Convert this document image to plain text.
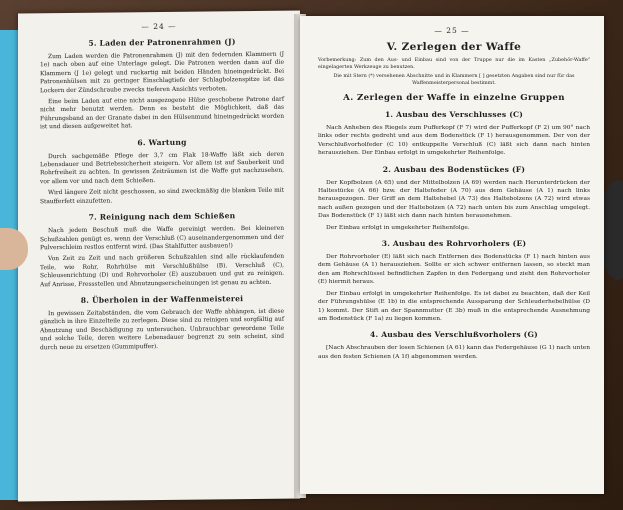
— 24 —
5. Laden der Patronenrahmen (J)

Zum Laden werden die Patronenrahmen (J) mit den federnden Klammern (J 1e) nach oben auf eine Unterlage gelegt. Die Patronen werden dann auf die Klammern (J 1e) gelegt und ruckartig mit beiden Händen hineingedrückt. Bei Patronenhülsen mit zu geringer Einschlagtiefe der Schlagbolzenspitze ist das Lockern der Zündschraube zwecks tieferen Ansichts verboten.

Eine beim Laden auf eine nicht ausgezogene Hülse geschobene Patrone darf nicht mehr benutzt werden. Denn es besteht die Möglichkeit, daß das Führungsband an der Granate dabei in den Hülsenmund hineingedrückt worden ist und diesen aufgeweitet hat.

6. Wartung

Durch sachgemäße Pflege der 3,7 cm Flak 18-Waffe läßt sich deren Lebensdauer und Betriebssicherheit steigern. Vor allem ist auf Sauberkeit und Rohrfreiheit zu achten. In gewissen Zeiträumen ist die Waffe gut nachzusehen, vor allem vor und nach dem Schießen.

Wird längere Zeit nicht geschossen, so sind zweckmäßig die blanken Teile mit Staufferfett einzufetten.

7. Reinigung nach dem Schießen

Nach jedem Beschuß muß die Waffe gereinigt werden. Bei kleineren Schußzahlen genügt es, wenn der Verschluß (C) auseinandergenommen und der Pulverschleim restlos entfernt wird. (Das Stahlfutter ausbauen!)

Von Zeit zu Zeit und nach größeren Schußzahlen sind alle rücklaufenden Teile, wie Rohr, Rohrhülse mit Verschlußhülse (B), Verschluß (C), Schleusenrichtung (D) und Rohrvorholer (E) auszubauen und gut zu reinigen. Auf Anrisse, Fressstellen und Abnutzungserscheinungen ist genau zu achten.

8. Überholen in der Waffenmeisterei

In gewissen Zeitabständen, die vom Gebrauch der Waffe abhängen, ist diese gänzlich in ihre Einzelteile zu zerlegen. Diese sind zu reinigen und sorgfältig auf Abnutzung und Beschädigung zu untersuchen. Unbrauchbar gewordene Teile und solche Teile, deren weitere Lebensdauer begrenzt zu sein scheint, sind durch neue zu ersetzen (Gummipuffer).

— 25 —
V. Zerlegen der Waffe

Vorbemerkung: Zum den Aus- und Einbau sind von der Truppe nur die im Kasten „Zubehör-Waffe" eingelagerten Werkzeuge zu benutzen.

Die mit Stern (*) versehenen Abschnitte und in Klammern [ ] gesetzten Angaben sind nur für das Waffenmeisterpersonal bestimmt.

A. Zerlegen der Waffe in einzelne Gruppen
1. Ausbau des Verschlusses (C)

Nach Anheben des Riegels zum Pufferkopf (F 7) wird der Pufferkopf (F 2) um 90° nach links oder rechts gedreht und aus dem Bodenstück (F 1) herausgenommen. Der von der Verschlußvorholfeder (C 10) entkuppelte Verschluß (C) läßt sich dann nach hinten herausziehen. Der Einbau erfolgt in umgekehrter Reihenfolge.

2. Ausbau des Bodenstückes (F)

Der Kopfbolzen (A 65) und der Mittelbolzen (A 69) werden nach Herunterdrücken der Haltestücke (A 66) bzw. der Haltefeder (A 70) aus dem Gehäuse (A 1) nach links herausgezogen. Der Griff an dem Haltehebel (A 73) des Haltebolzens (A 72) wird etwas nach außen gezogen und der Haltebolzen (A 72) nach unten bis zum Anschlag umgelegt. Das Bodenstück (F 1) läßt sich dann nach hinten herausnehmen.

Der Einbau erfolgt in umgekehrter Reihenfolge.

3. Ausbau des Rohrvorholers (E)

Der Rohrvorholer (E) läßt sich nach Entfernen des Bodenstücks (F 1) nach hinten aus dem Gehäuse (A 1) herausziehen. Sollte er sich schwer entfernen lassen, so steckt man den am Rohrschlüssel befindlichen Zapfen in den Federgang und zieht den Rohrvorholer (E) hiermit heraus.

Der Einbau erfolgt in umgekehrter Reihenfolge. Es ist dabei zu beachten, daß der Keil der Führungshülse (E 1b) in die entsprechende Aussparung der Schleuderhebelhülse (D 1) kommt. Der Stift an der Spannmutter (E 3b) muß in die entsprechende Ausnehmung am Bodenstück (F 1a) zu liegen kommen.

4. Ausbau des Verschlußvorholers (G)

[Nach Abschrauben der losen Schienen (A 61) kann das Federgehäuse (G 1) nach unten aus den festen Schienen (A 1f) abgenommen werden.
